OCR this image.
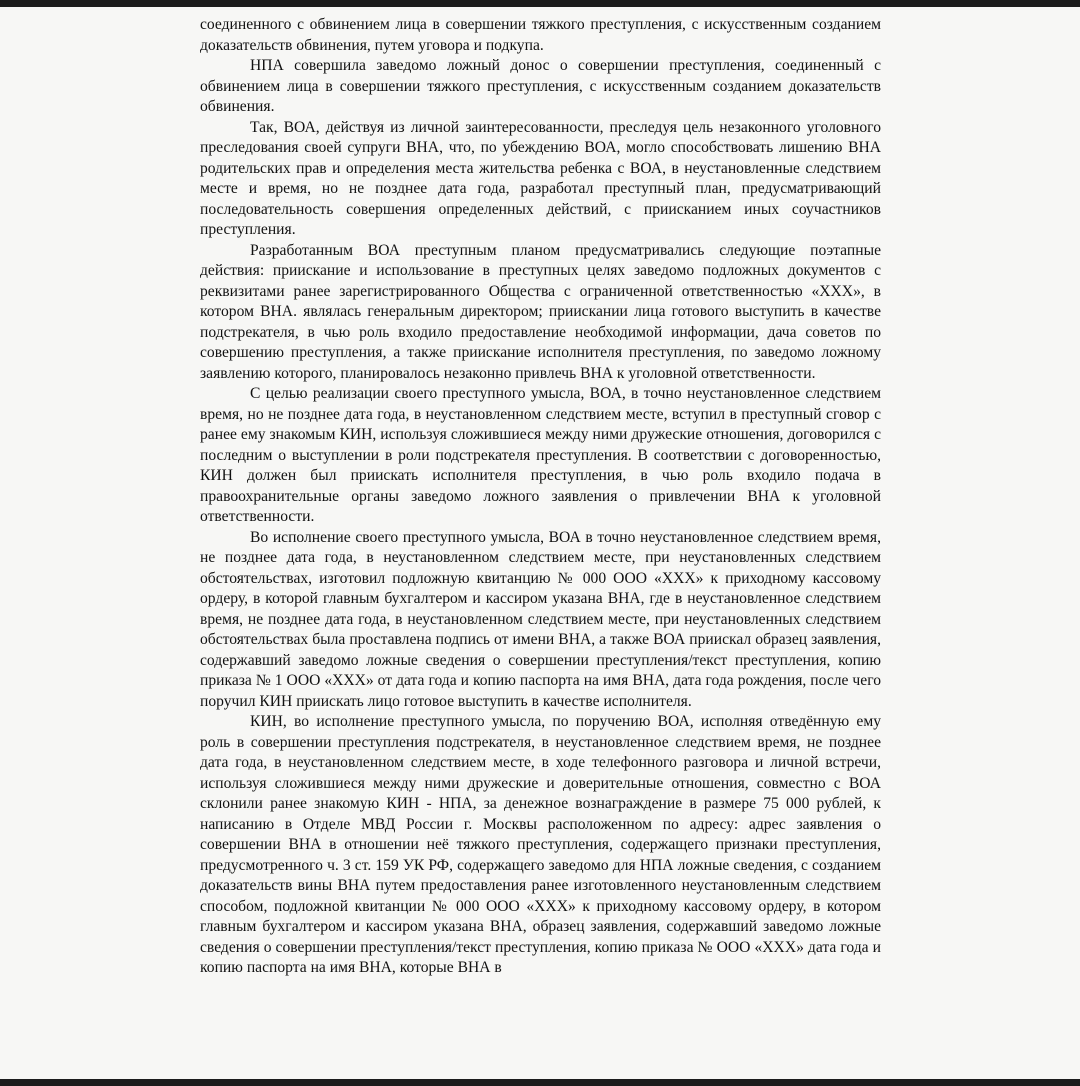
соединенного с обвинением лица в совершении тяжкого преступления, с искусственным созданием доказательств обвинения, путем уговора и подкупа.

НПА совершила заведомо ложный донос о совершении преступления, соединенный с обвинением лица в совершении тяжкого преступления, с искусственным созданием доказательств обвинения.

Так, ВОА, действуя из личной заинтересованности, преследуя цель незаконного уголовного преследования своей супруги ВНА, что, по убеждению ВОА, могло способствовать лишению ВНА родительских прав и определения места жительства ребенка с ВОА, в неустановленные следствием месте и время, но не позднее дата года, разработал преступный план, предусматривающий последовательность совершения определенных действий, с приисканием иных соучастников преступления.

Разработанным ВОА преступным планом предусматривались следующие поэтапные действия: приискание и использование в преступных целях заведомо подложных документов с реквизитами ранее зарегистрированного Общества с ограниченной ответственностью «ХХХ», в котором ВНА. являлась генеральным директором; приискании лица готового выступить в качестве подстрекателя, в чью роль входило предоставление необходимой информации, дача советов по совершению преступления, а также приискание исполнителя преступления, по заведомо ложному заявлению которого, планировалось незаконно привлечь ВНА к уголовной ответственности.

С целью реализации своего преступного умысла, ВОА, в точно неустановленное следствием время, но не позднее дата года, в неустановленном следствием месте, вступил в преступный сговор с ранее ему знакомым КИН, используя сложившиеся между ними дружеские отношения, договорился с последним о выступлении в роли подстрекателя преступления. В соответствии с договоренностью, КИН должен был приискать исполнителя преступления, в чью роль входило подача в правоохранительные органы заведомо ложного заявления о привлечении ВНА к уголовной ответственности.

Во исполнение своего преступного умысла, ВОА в точно неустановленное следствием время, не позднее дата года, в неустановленном следствием месте, при неустановленных следствием обстоятельствах, изготовил подложную квитанцию № 000 ООО «ХХХ» к приходному кассовому ордеру, в которой главным бухгалтером и кассиром указана ВНА, где в неустановленное следствием время, не позднее дата года, в неустановленном следствием месте, при неустановленных следствием обстоятельствах была проставлена подпись от имени ВНА, а также ВОА приискал образец заявления, содержавший заведомо ложные сведения о совершении преступления/текст преступления, копию приказа № 1 ООО «ХХХ» от дата года и копию паспорта на имя ВНА, дата года рождения, после чего поручил КИН приискать лицо готовое выступить в качестве исполнителя.

КИН, во исполнение преступного умысла, по поручению ВОА, исполняя отведённую ему роль в совершении преступления подстрекателя, в неустановленное следствием время, не позднее дата года, в неустановленном следствием месте, в ходе телефонного разговора и личной встречи, используя сложившиеся между ними дружеские и доверительные отношения, совместно с ВОА склонили ранее знакомую КИН - НПА, за денежное вознаграждение в размере 75 000 рублей, к написанию в Отделе МВД России г. Москвы расположенном по адресу: адрес заявления о совершении ВНА в отношении неё тяжкого преступления, содержащего признаки преступления, предусмотренного ч. 3 ст. 159 УК РФ, содержащего заведомо для НПА ложные сведения, с созданием доказательств вины ВНА путем предоставления ранее изготовленного неустановленным следствием способом, подложной квитанции № 000 ООО «ХХХ» к приходному кассовому ордеру, в котором главным бухгалтером и кассиром указана ВНА, образец заявления, содержавший заведомо ложные сведения о совершении преступления/текст преступления, копию приказа № ООО «ХХХ» дата года и копию паспорта на имя ВНА, которые ВНА в
